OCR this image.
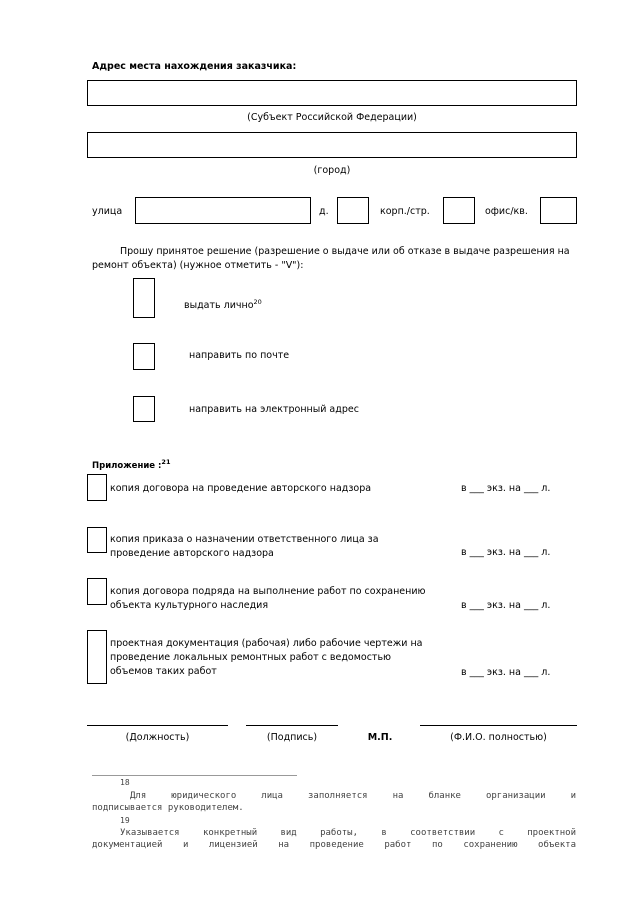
Адрес места нахождения заказчика:
(Субъект Российской Федерации)
(город)
улица	д.	корп./стр.	офис/кв.
Прошу принятое решение (разрешение о выдаче или об отказе в выдаче разрешения на
ремонт объекта) (нужное отметить - "V"):
выдать лично$^{20}$
направить по почте
направить на электронный адрес
Приложение :$^{21}$
копия договора на проведение авторского надзора	в ___ экз. на ___ л.
копия приказа о назначении ответственного лица за
проведение авторского надзора	в ___ экз. на ___ л.
копия договора подряда на выполнение работ по сохранению
объекта культурного наследия	в ___ экз. на ___ л.
проектная документация (рабочая) либо рабочие чертежи на
проведение локальных ремонтных работ с ведомостью
объемов таких работ	в ___ экз. на ___ л.
(Должность)	(Подпись)	М.П.	(Ф.И.О. полностью)
18
Для юридического лица заполняется на бланке организации и
подписывается руководителем.
19
Указывается конкретный вид работы, в соответствии с проектной
документацией и лицензией на проведение работ по сохранению объекта
